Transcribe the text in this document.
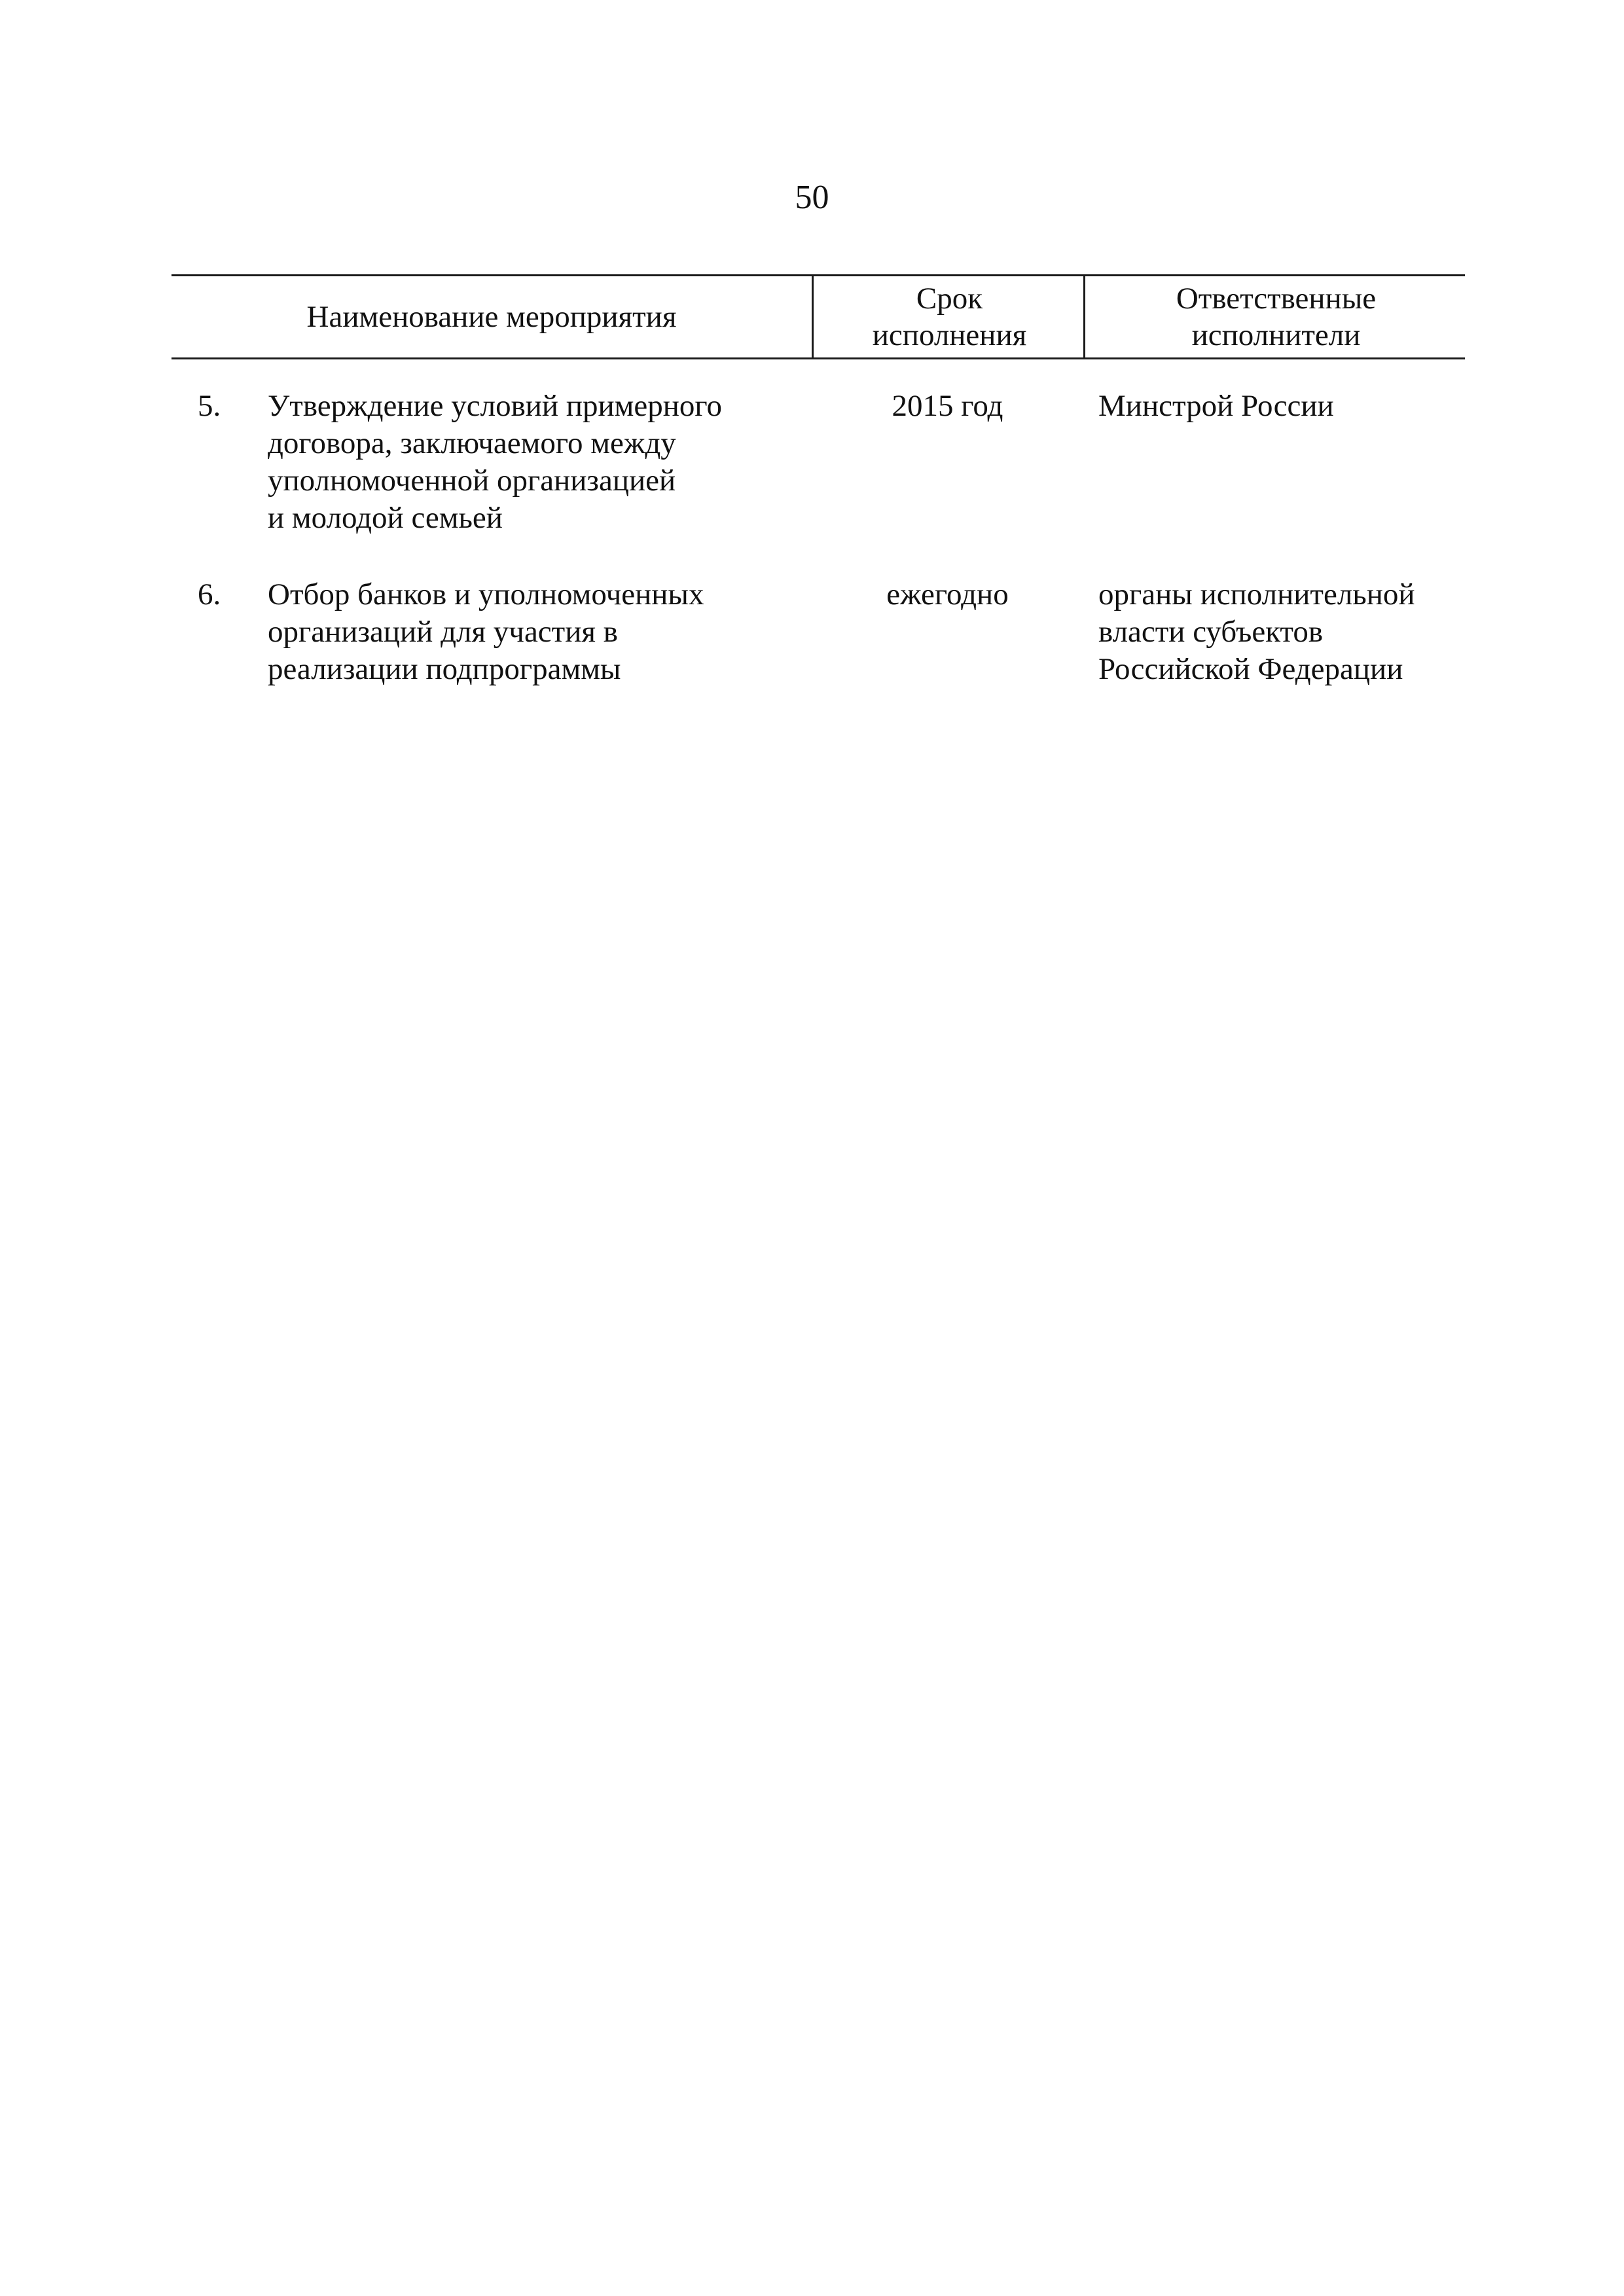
50
Наименование мероприятия
Срок
исполнения
Ответственные
исполнители
5. Утверждение условий примерного
договора, заключаемого между
уполномоченной организацией
и молодой семьей
2015 год	Минстрой России
6. Отбор банков и уполномоченных
организаций для участия в
реализации подпрограммы
ежегодно	органы исполнительной
власти субъектов
Российской Федерации
